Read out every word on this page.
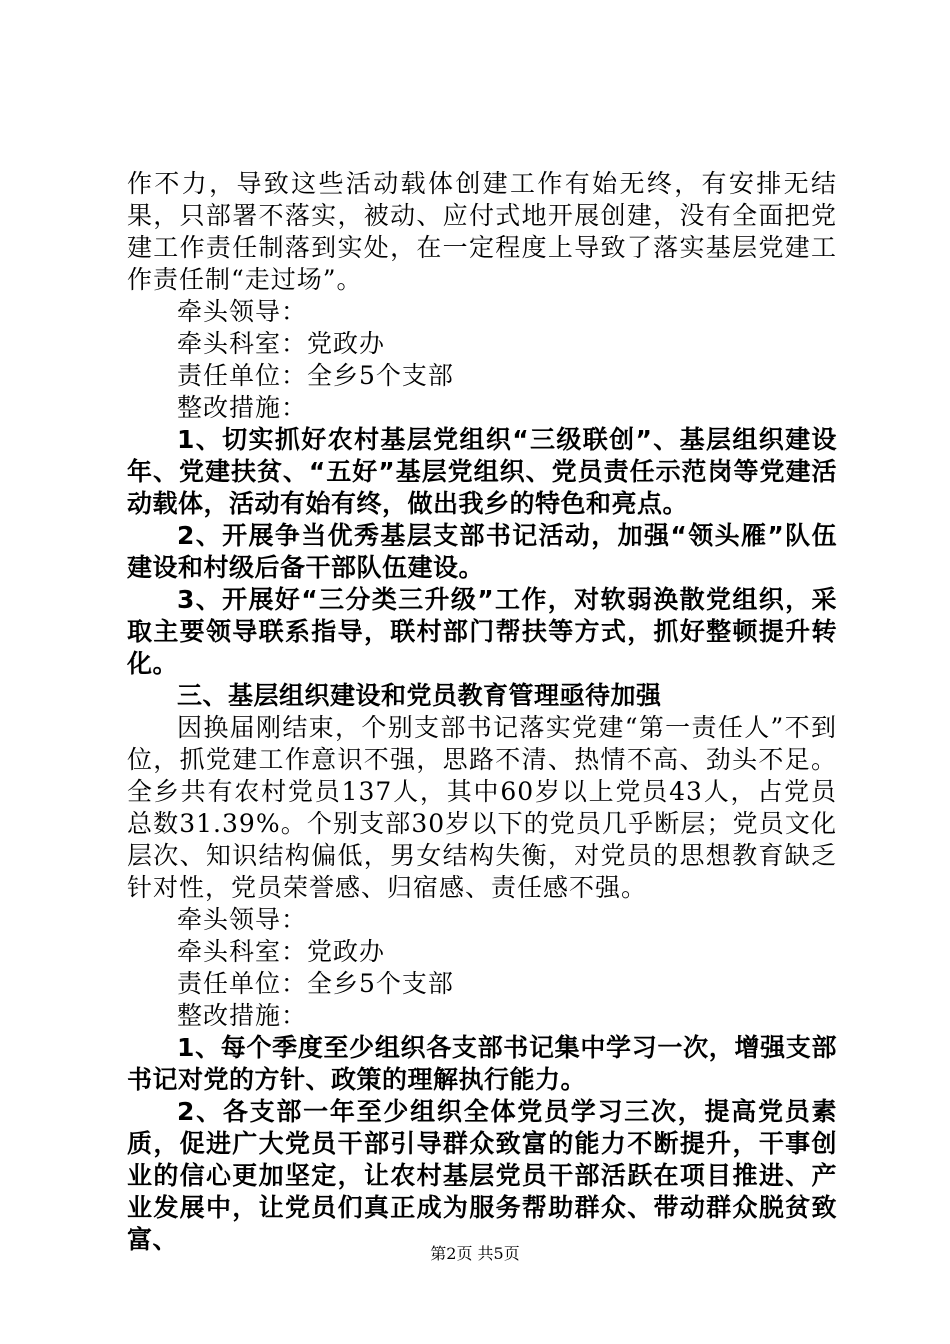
作不力，导致这些活动载体创建工作有始无终，有安排无结果，只部署不落实，被动、应付式地开展创建，没有全面把党建工作责任制落到实处，在一定程度上导致了落实基层党建工作责任制“走过场”。

牵头领导：

牵头科室：党政办

责任单位：全乡5个支部

整改措施：

1、切实抓好农村基层党组织“三级联创”、基层组织建设年、党建扶贫、“五好”基层党组织、党员责任示范岗等党建活动载体，活动有始有终，做出我乡的特色和亮点。

2、开展争当优秀基层支部书记活动，加强“领头雁”队伍建设和村级后备干部队伍建设。

3、开展好“三分类三升级”工作，对软弱涣散党组织，采取主要领导联系指导，联村部门帮扶等方式，抓好整顿提升转化。

三、基层组织建设和党员教育管理亟待加强

因换届刚结束，个别支部书记落实党建“第一责任人”不到位，抓党建工作意识不强，思路不清、热情不高、劲头不足。全乡共有农村党员137人，其中60岁以上党员43人，占党员总数31.39%。个别支部30岁以下的党员几乎断层；党员文化层次、知识结构偏低，男女结构失衡，对党员的思想教育缺乏针对性，党员荣誉感、归宿感、责任感不强。

牵头领导：

牵头科室：党政办

责任单位：全乡5个支部

整改措施：

1、每个季度至少组织各支部书记集中学习一次，增强支部书记对党的方针、政策的理解执行能力。

2、各支部一年至少组织全体党员学习三次，提高党员素质，促进广大党员干部引导群众致富的能力不断提升，干事创业的信心更加坚定，让农村基层党员干部活跃在项目推进、产业发展中，让党员们真正成为服务帮助群众、带动群众脱贫致富、	第2页 共5页
